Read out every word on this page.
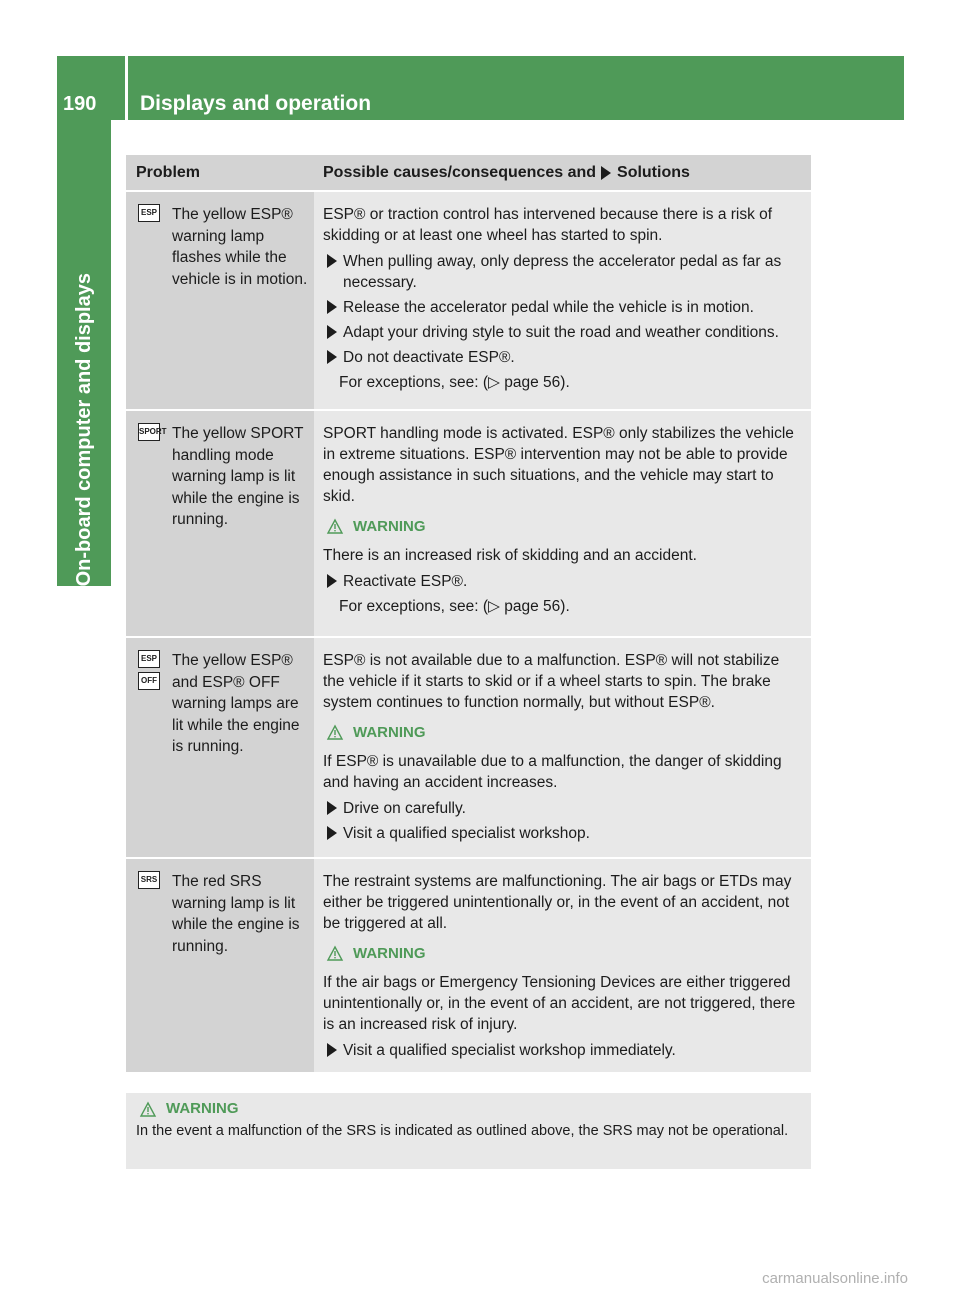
190	Displays and operation
On-board computer and displays
Problem	Possible causes/consequences and Solutions
ESP The yellow ESP® warning lamp flashes while the vehicle is in motion.
ESP® or traction control has intervened because there is a risk of skidding or at least one wheel has started to spin.
When pulling away, only depress the accelerator pedal as far as necessary.
Release the accelerator pedal while the vehicle is in motion.
Adapt your driving style to suit the road and weather conditions.
Do not deactivate ESP®.
For exceptions, see: (▷ page 56).
SPORT The yellow SPORT handling mode warning lamp is lit while the engine is running.
SPORT handling mode is activated. ESP® only stabilizes the vehicle in extreme situations. ESP® intervention may not be able to provide enough assistance in such situations, and the vehicle may start to skid.
WARNING
There is an increased risk of skidding and an accident.
Reactivate ESP®.
For exceptions, see: (▷ page 56).
ESP
OFF
The yellow ESP® and ESP® OFF warning lamps are lit while the engine is running.
ESP® is not available due to a malfunction. ESP® will not stabilize the vehicle if it starts to skid or if a wheel starts to spin. The brake system continues to function normally, but without ESP®.
WARNING
If ESP® is unavailable due to a malfunction, the danger of skidding and having an accident increases.
Drive on carefully.
Visit a qualified specialist workshop.
SRS The red SRS warning lamp is lit while the engine is running.
The restraint systems are malfunctioning. The air bags or ETDs may either be triggered unintentionally or, in the event of an accident, not be triggered at all.
WARNING
If the air bags or Emergency Tensioning Devices are either triggered unintentionally or, in the event of an accident, are not triggered, there is an increased risk of injury.
Visit a qualified specialist workshop immediately.
WARNING
In the event a malfunction of the SRS is indicated as outlined above, the SRS may not be operational.
carmanualsonline.info
